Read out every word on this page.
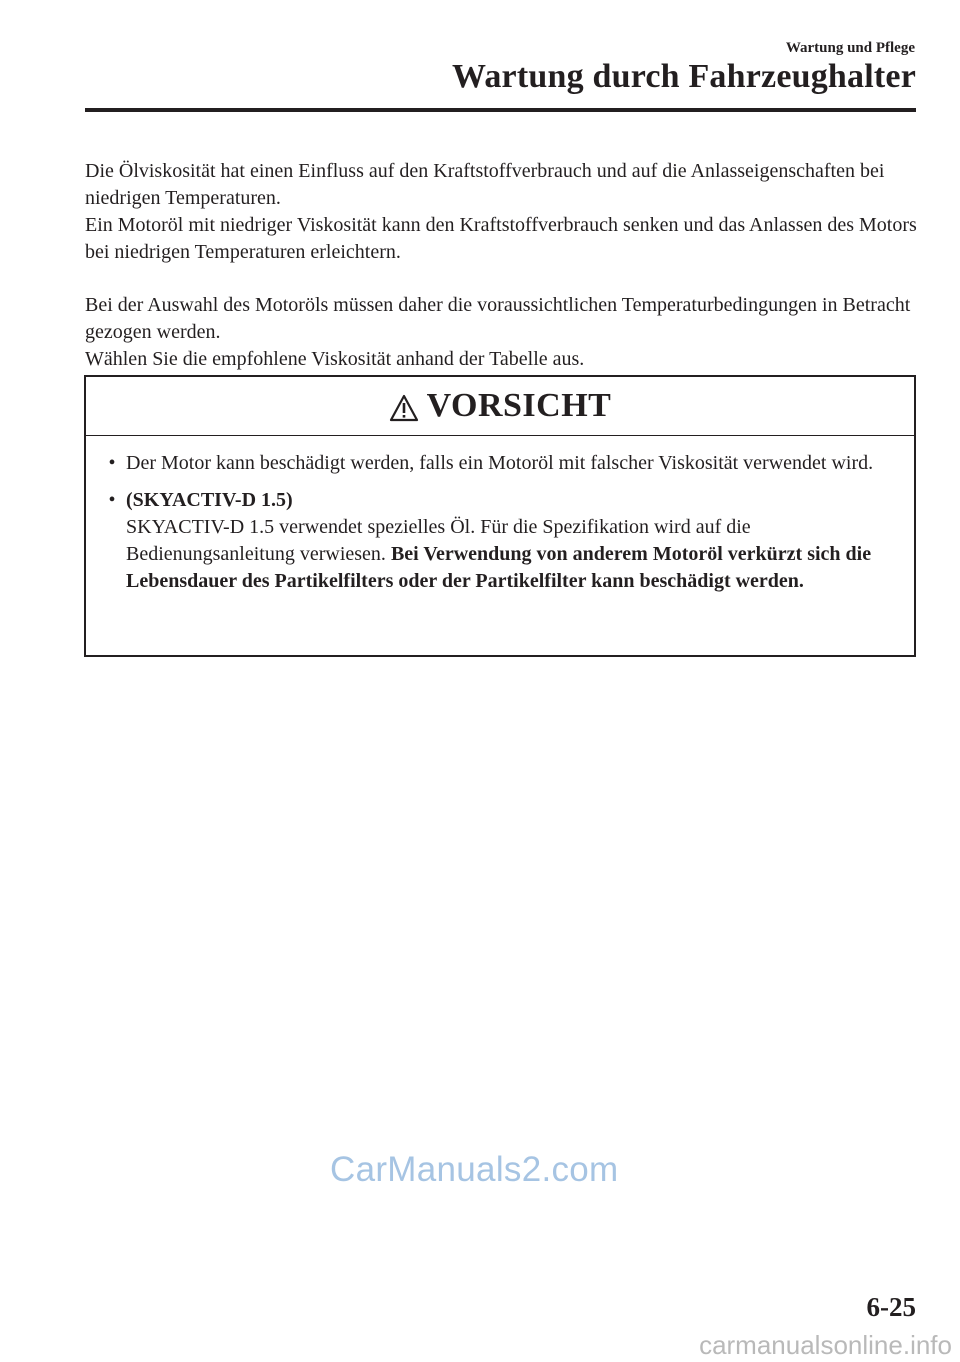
Wartung und Pflege
Wartung durch Fahrzeughalter

Die Ölviskosität hat einen Einfluss auf den Kraftstoffverbrauch und auf die Anlasseigenschaften bei niedrigen Temperaturen.

Ein Motoröl mit niedriger Viskosität kann den Kraftstoffverbrauch senken und das Anlassen des Motors bei niedrigen Temperaturen erleichtern.

Bei der Auswahl des Motoröls müssen daher die voraussichtlichen Temperaturbedingungen in Betracht gezogen werden.

Wählen Sie die empfohlene Viskosität anhand der Tabelle aus.

VORSICHT
• Der Motor kann beschädigt werden, falls ein Motoröl mit falscher Viskosität verwendet wird.
• (SKYACTIV-D 1.5)
SKYACTIV-D 1.5 verwendet spezielles Öl. Für die Spezifikation wird auf die Bedienungsanleitung verwiesen. Bei Verwendung von anderem Motoröl verkürzt sich die Lebensdauer des Partikelfilters oder der Partikelfilter kann beschädigt werden.
CarManuals2.com
6-25
carmanualsonline.info
